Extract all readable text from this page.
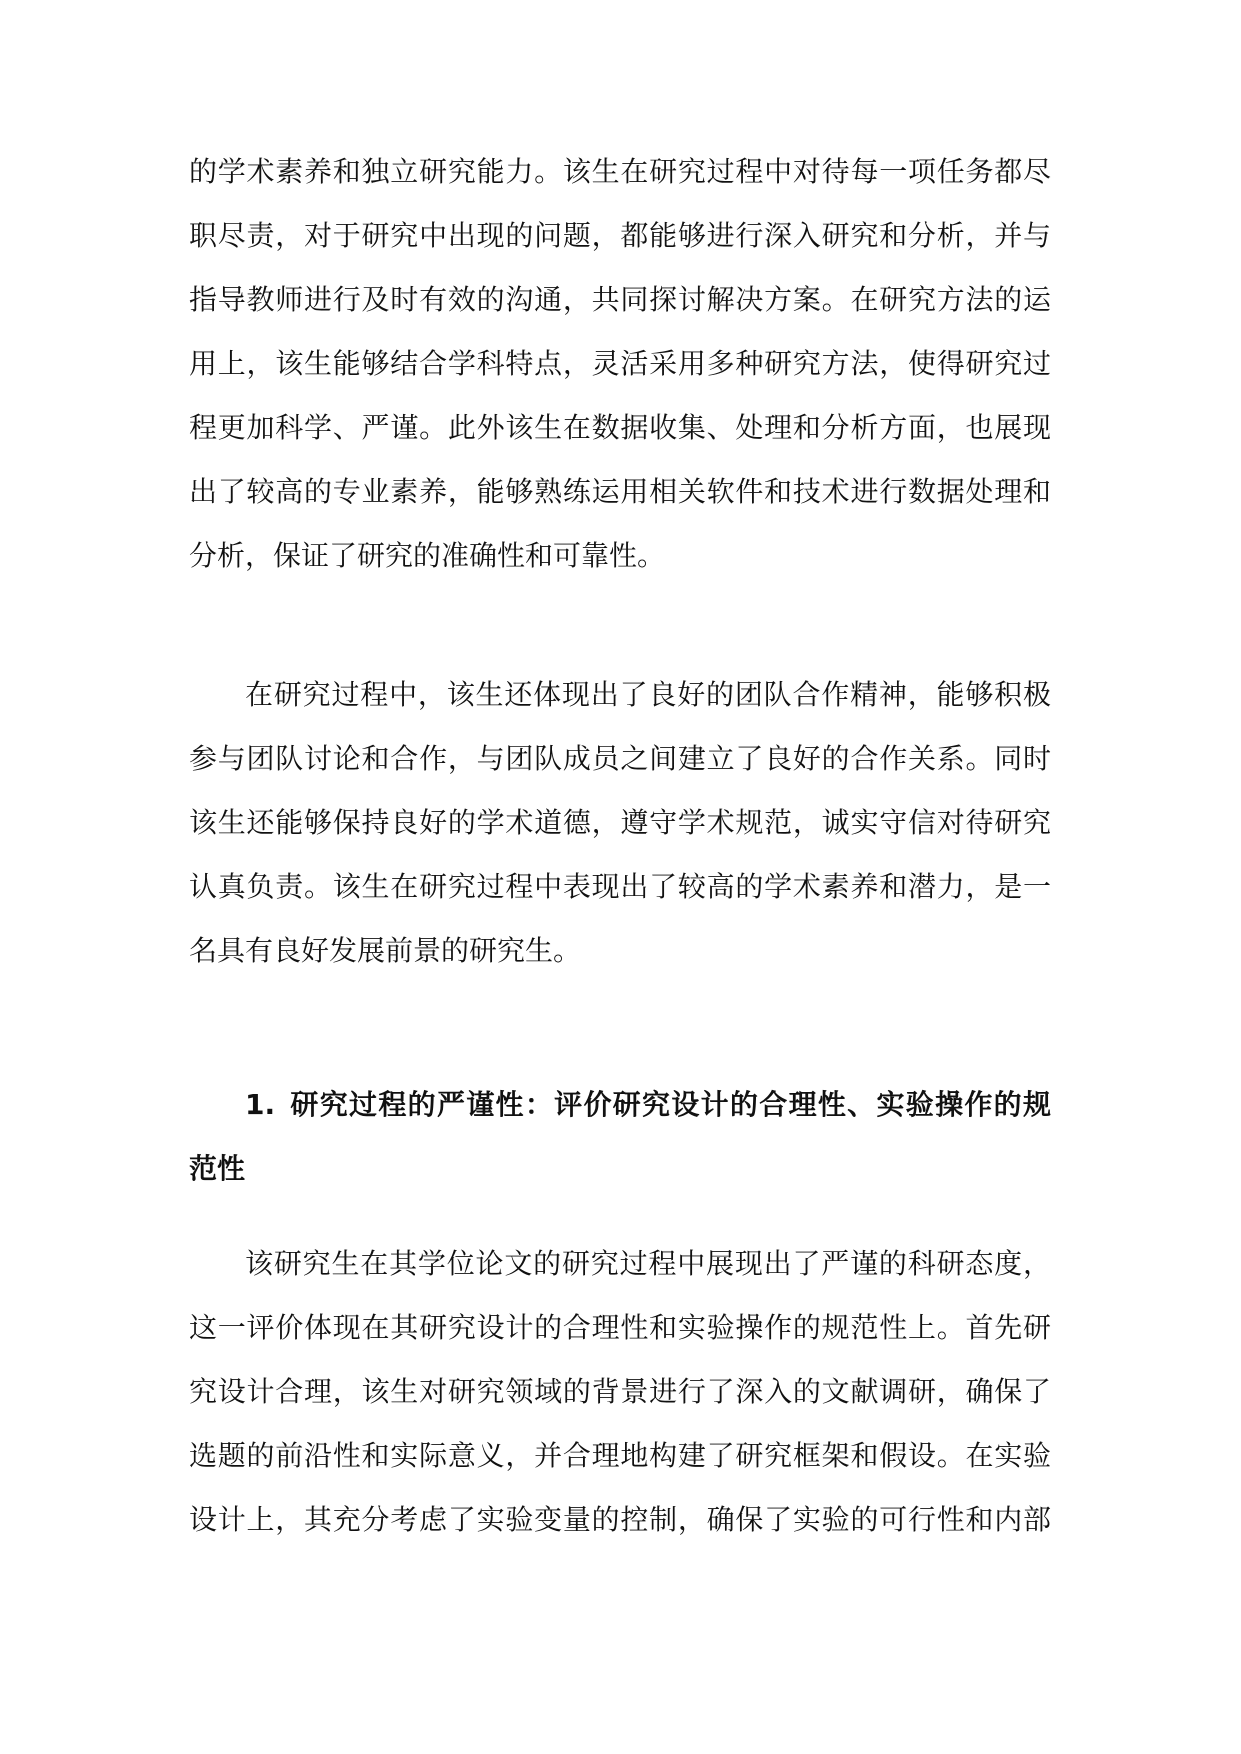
的学术素养和独立研究能力。该生在研究过程中对待每一项任务都尽
职尽责，对于研究中出现的问题，都能够进行深入研究和分析，并与
指导教师进行及时有效的沟通，共同探讨解决方案。在研究方法的运
用上，该生能够结合学科特点，灵活采用多种研究方法，使得研究过
程更加科学、严谨。此外该生在数据收集、处理和分析方面，也展现
出了较高的专业素养，能够熟练运用相关软件和技术进行数据处理和
分析，保证了研究的准确性和可靠性。
在研究过程中，该生还体现出了良好的团队合作精神，能够积极
参与团队讨论和合作，与团队成员之间建立了良好的合作关系。同时
该生还能够保持良好的学术道德，遵守学术规范，诚实守信对待研究
认真负责。该生在研究过程中表现出了较高的学术素养和潜力，是一
名具有良好发展前景的研究生。
1. 研究过程的严谨性：评价研究设计的合理性、实验操作的规
范性
该研究生在其学位论文的研究过程中展现出了严谨的科研态度，
这一评价体现在其研究设计的合理性和实验操作的规范性上。首先研
究设计合理，该生对研究领域的背景进行了深入的文献调研，确保了
选题的前沿性和实际意义，并合理地构建了研究框架和假设。在实验
设计上，其充分考虑了实验变量的控制，确保了实验的可行性和内部
